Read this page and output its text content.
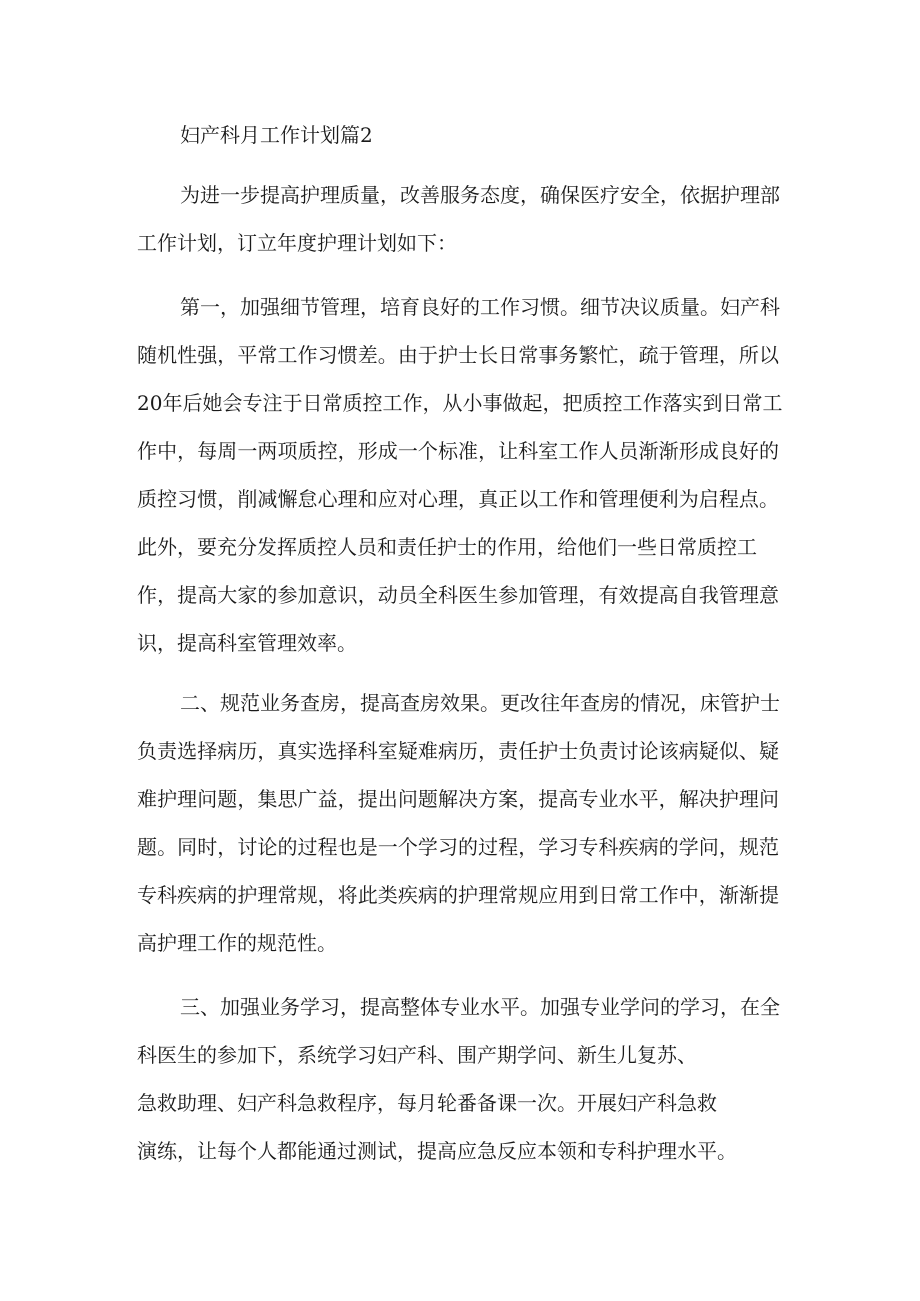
妇产科月工作计划篇2
为进一步提高护理质量，改善服务态度，确保医疗安全，依据护理部
工作计划，订立年度护理计划如下：
第一，加强细节管理，培育良好的工作习惯。细节决议质量。妇产科
随机性强，平常工作习惯差。由于护士长日常事务繁忙，疏于管理，所以
20年后她会专注于日常质控工作，从小事做起，把质控工作落实到日常工
作中，每周一两项质控，形成一个标准，让科室工作人员渐渐形成良好的
质控习惯，削减懈怠心理和应对心理，真正以工作和管理便利为启程点。
此外，要充分发挥质控人员和责任护士的作用，给他们一些日常质控工
作，提高大家的参加意识，动员全科医生参加管理，有效提高自我管理意
识，提高科室管理效率。
二、规范业务查房，提高查房效果。更改往年查房的情况，床管护士
负责选择病历，真实选择科室疑难病历，责任护士负责讨论该病疑似、疑
难护理问题，集思广益，提出问题解决方案，提高专业水平，解决护理问
题。同时，讨论的过程也是一个学习的过程，学习专科疾病的学问，规范
专科疾病的护理常规，将此类疾病的护理常规应用到日常工作中，渐渐提
高护理工作的规范性。
三、加强业务学习，提高整体专业水平。加强专业学问的学习，在全
科医生的参加下，系统学习妇产科、围产期学问、新生儿复苏、
急救助理、妇产科急救程序，每月轮番备课一次。开展妇产科急救
演练，让每个人都能通过测试，提高应急反应本领和专科护理水平。
